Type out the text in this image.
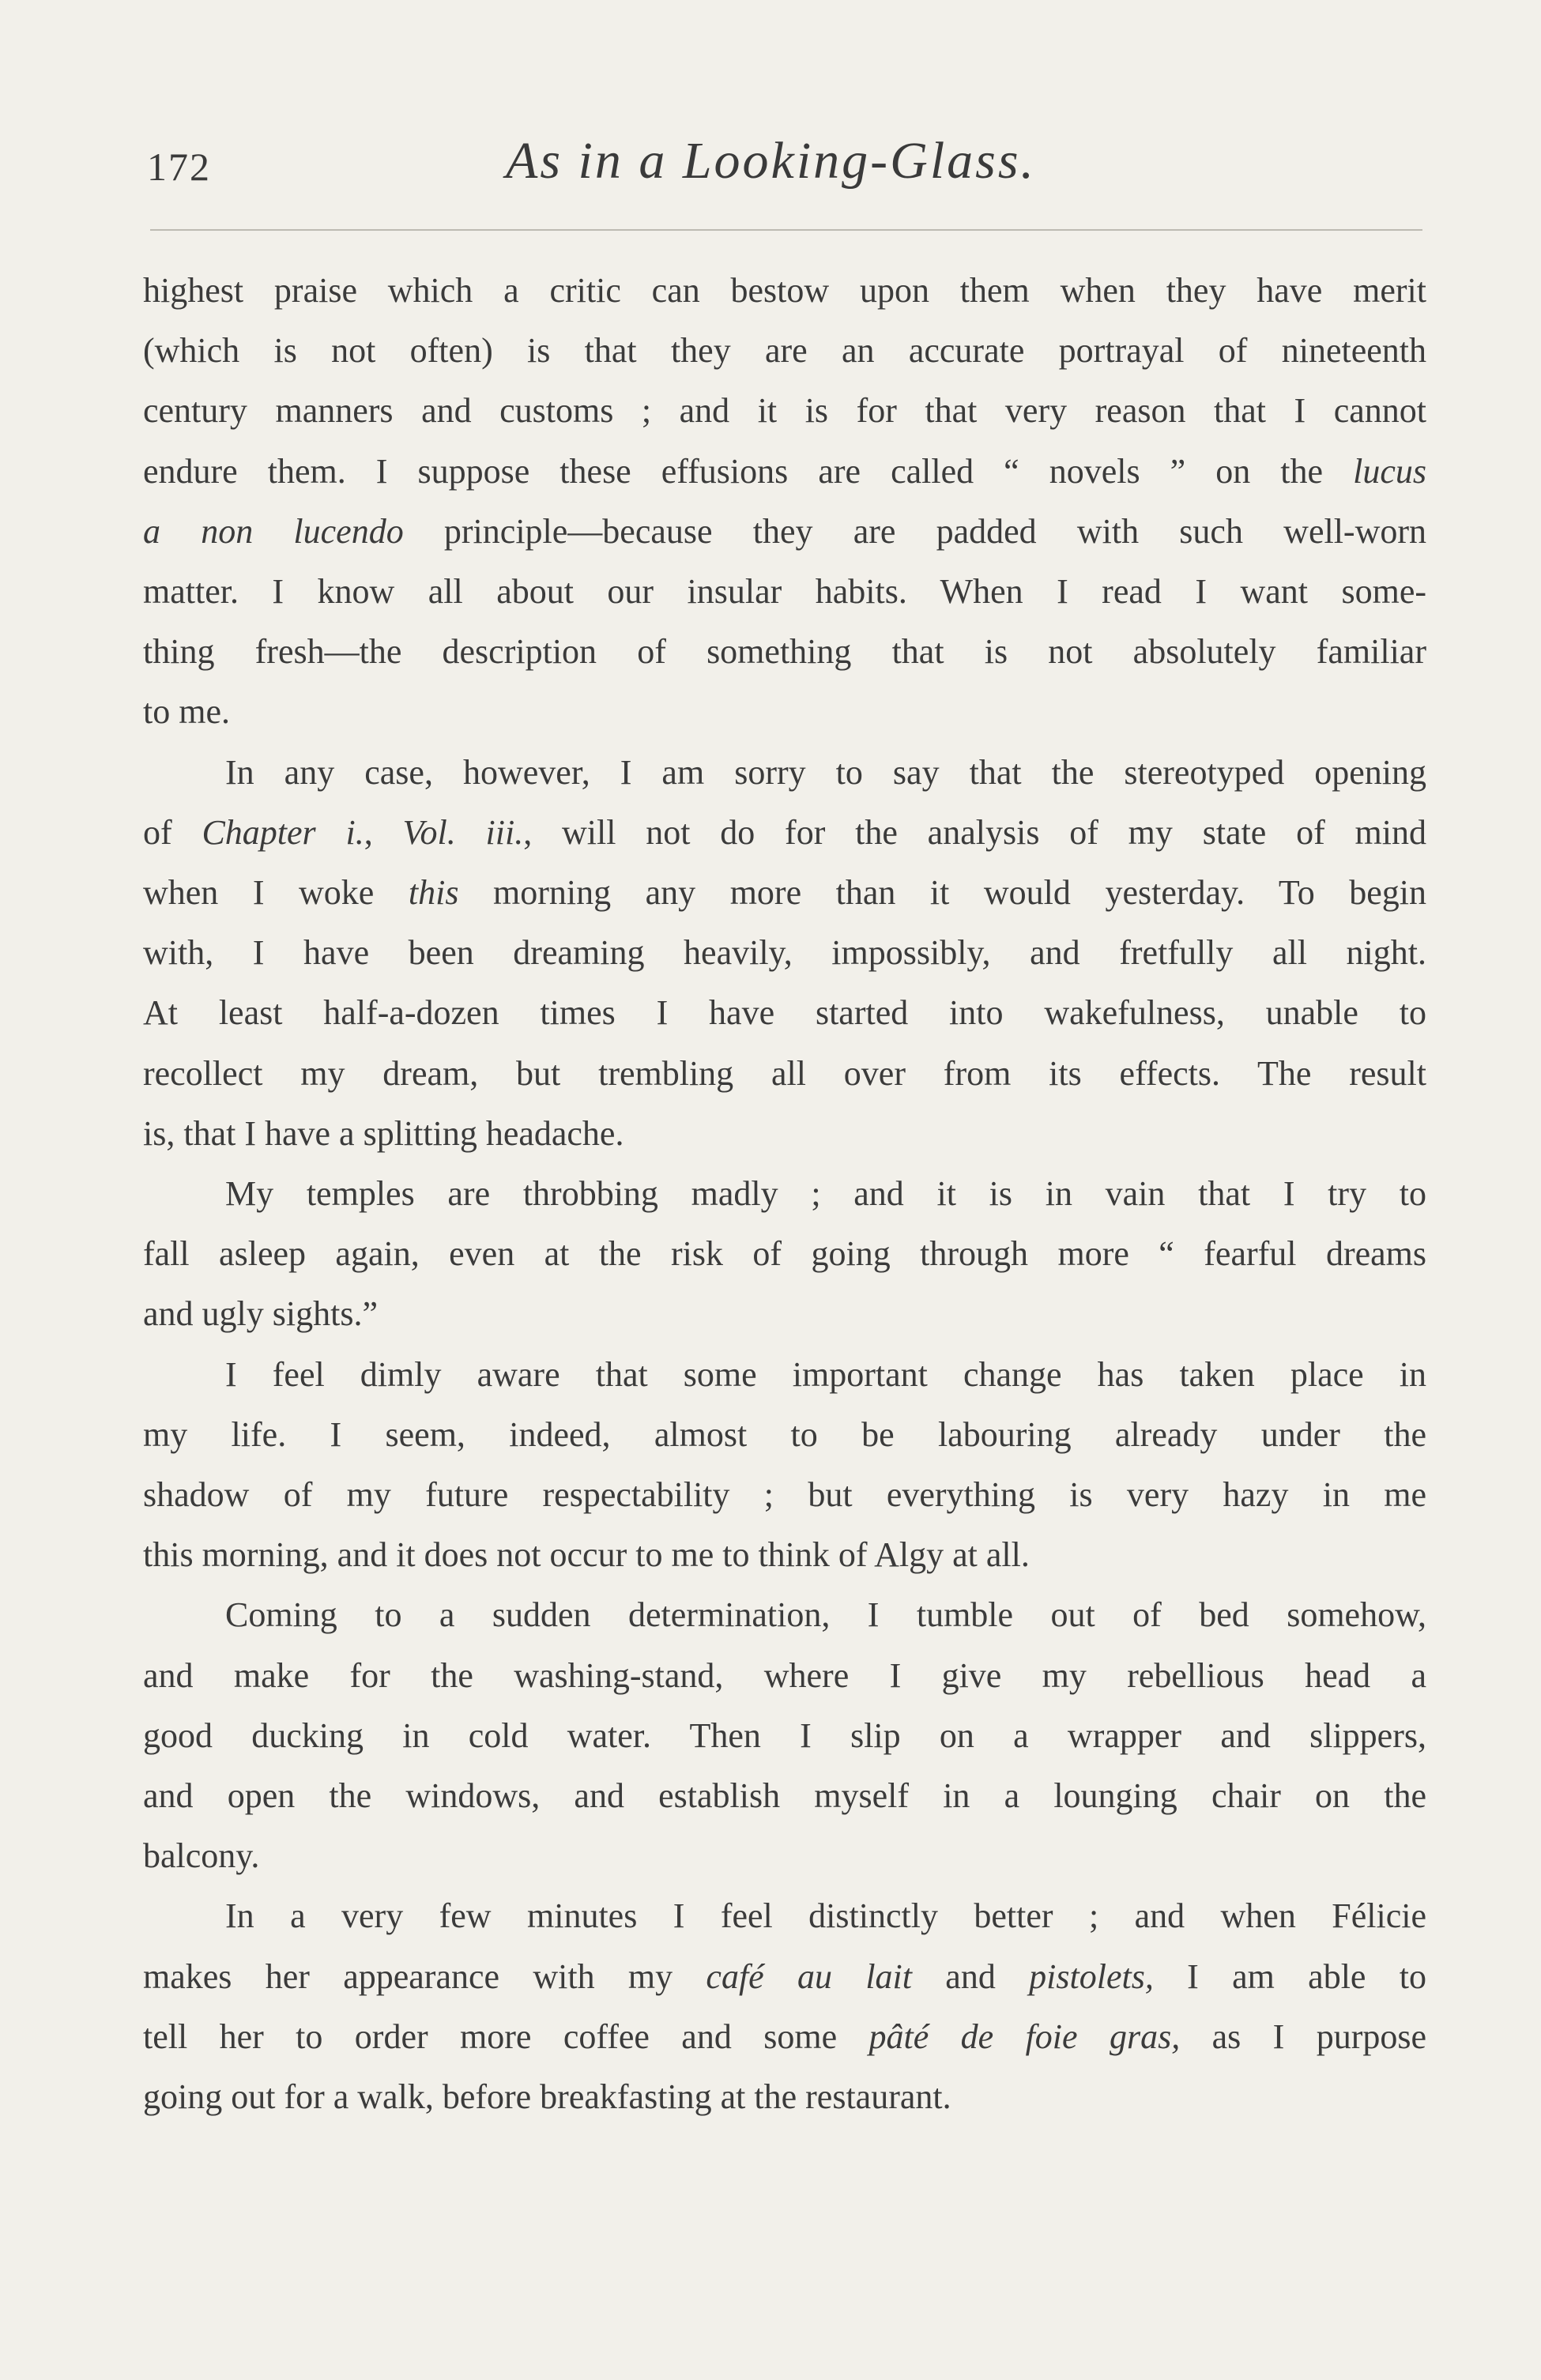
172	As in a Looking-Glass.

highest praise which a critic can bestow upon them when they have merit
(which is not often) is that they are an accurate portrayal of nineteenth
century manners and customs ; and it is for that very reason that I cannot
endure them. I suppose these effusions are called “ novels ” on the lucus
a non lucendo principle—because they are padded with such well-worn
matter. I know all about our insular habits. When I read I want some-
thing fresh—the description of something that is not absolutely familiar
to me.

In any case, however, I am sorry to say that the stereotyped opening

of Chapter i., Vol. iii., will not do for the analysis of my state of mind
when I woke this morning any more than it would yesterday. To begin
with, I have been dreaming heavily, impossibly, and fretfully all night.
At least half-a-dozen times I have started into wakefulness, unable to
recollect my dream, but trembling all over from its effects. The result
is, that I have a splitting headache.

My temples are throbbing madly ; and it is in vain that I try to

fall asleep again, even at the risk of going through more “ fearful dreams
and ugly sights.”

I feel dimly aware that some important change has taken place in

my life. I seem, indeed, almost to be labouring already under the
shadow of my future respectability ; but everything is very hazy in me
this morning, and it does not occur to me to think of Algy at all.

Coming to a sudden determination, I tumble out of bed somehow,

and make for the washing-stand, where I give my rebellious head a
good ducking in cold water. Then I slip on a wrapper and slippers,
and open the windows, and establish myself in a lounging chair on the
balcony.

In a very few minutes I feel distinctly better ; and when Félicie

makes her appearance with my café au lait and pistolets, I am able to
tell her to order more coffee and some pâté de foie gras, as I purpose
going out for a walk, before breakfasting at the restaurant.
